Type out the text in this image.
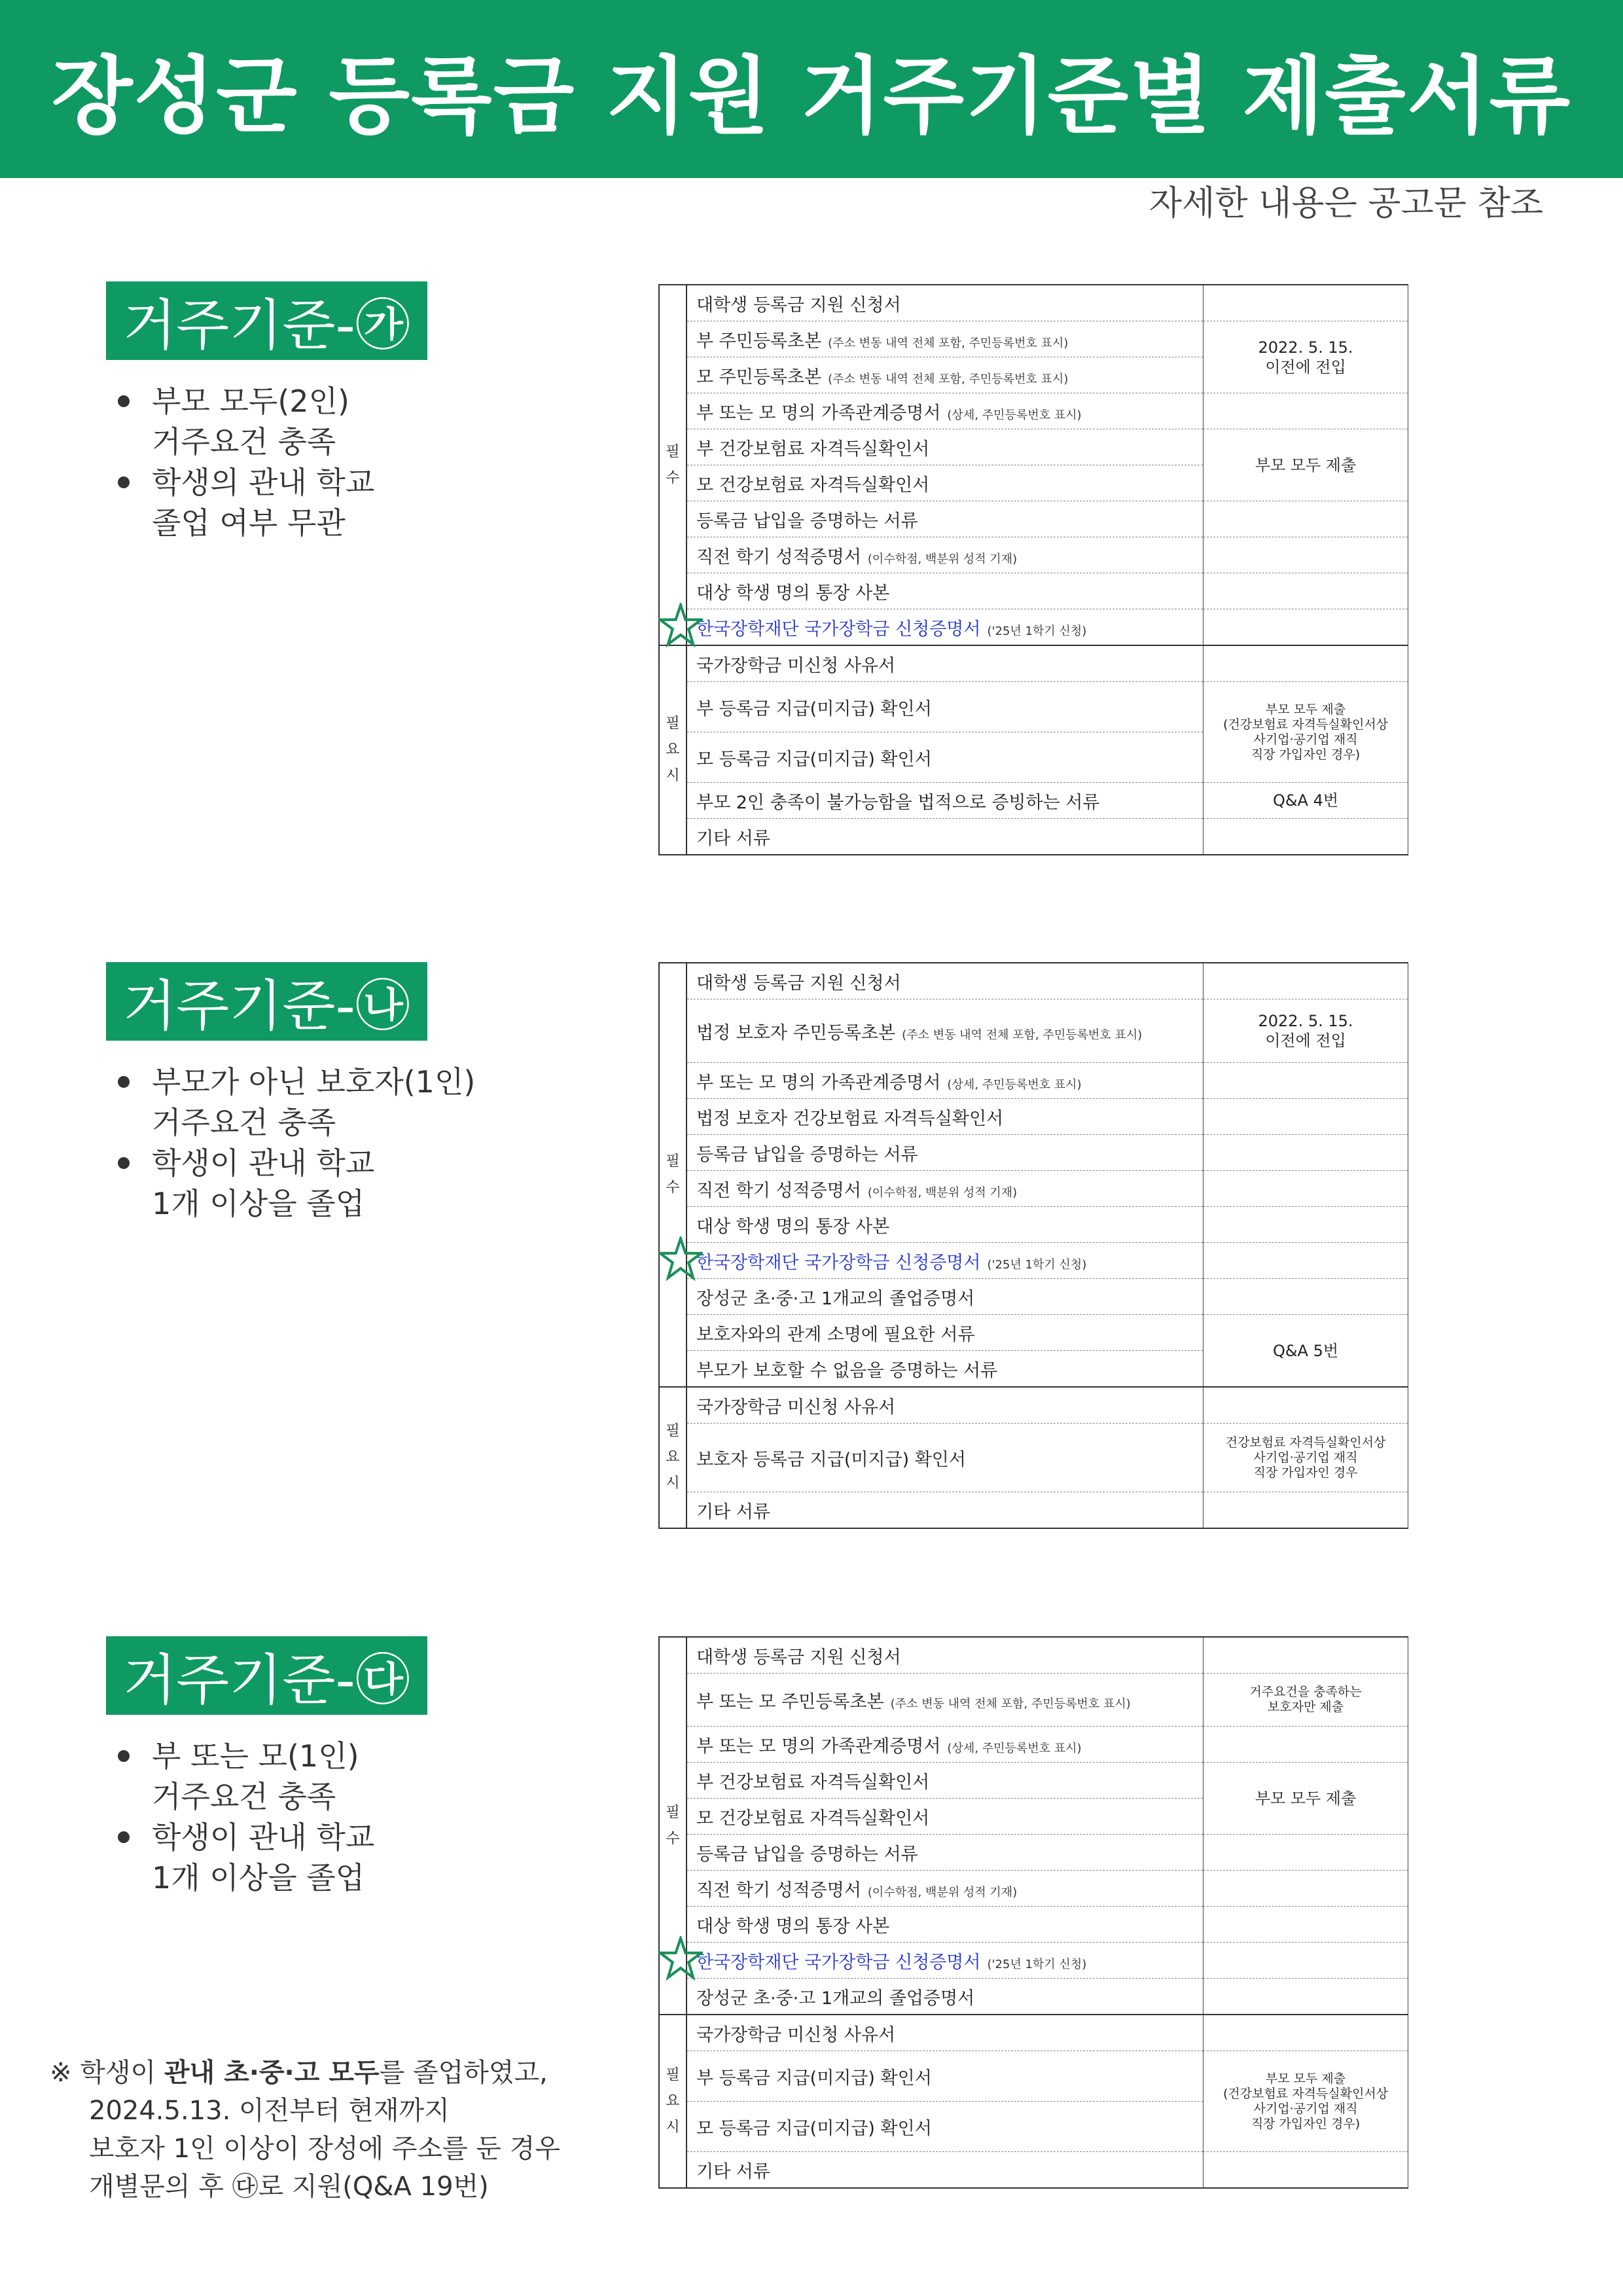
장성군 등록금 지원 거주기준별 제출서류
자세한 내용은 공고문 참조
거주기준-㉮
부모 모두(2인)
거주요건 충족
학생의 관내 학교
졸업 여부 무관
필
수	대학생 등록금 지원 신청서	
	부 주민등록초본 (주소 변동 내역 전체 포함, 주민등록번호 표시)	2022. 5. 15.
이전에 전입
	모 주민등록초본 (주소 변동 내역 전체 포함, 주민등록번호 표시)	
	부 또는 모 명의 가족관계증명서 (상세, 주민등록번호 표시)	
	부 건강보험료 자격득실확인서	부모 모두 제출
	모 건강보험료 자격득실확인서	
	등록금 납입을 증명하는 서류	
	직전 학기 성적증명서 (이수학점, 백분위 성적 기재)	
	대상 학생 명의 통장 사본	

한국장학재단 국가장학금 신청증명서 ('25년 1학기 신청)	
필
요
시	국가장학금 미신청 사유서	
	부 등록금 지급(미지급) 확인서	부모 모두 제출
(건강보험료 자격득실확인서상
사기업·공기업 재직
직장 가입자인 경우)
	모 등록금 지급(미지급) 확인서	
	부모 2인 충족이 불가능함을 법적으로 증빙하는 서류	Q&A 4번
	기타 서류	
거주기준-㉯
부모가 아닌 보호자(1인)
거주요건 충족
학생이 관내 학교
1개 이상을 졸업
필
수	대학생 등록금 지원 신청서	
	법정 보호자 주민등록초본 (주소 변동 내역 전체 포함, 주민등록번호 표시)	2022. 5. 15.
이전에 전입
	부 또는 모 명의 가족관계증명서 (상세, 주민등록번호 표시)	
	법정 보호자 건강보험료 자격득실확인서	
	등록금 납입을 증명하는 서류	
	직전 학기 성적증명서 (이수학점, 백분위 성적 기재)	
	대상 학생 명의 통장 사본	

한국장학재단 국가장학금 신청증명서 ('25년 1학기 신청)	
	장성군 초·중·고 1개교의 졸업증명서	
	보호자와의 관계 소명에 필요한 서류	Q&A 5번
	부모가 보호할 수 없음을 증명하는 서류	
필
요
시	국가장학금 미신청 사유서	
	보호자 등록금 지급(미지급) 확인서	건강보험료 자격득실확인서상
사기업·공기업 재직
직장 가입자인 경우
	기타 서류	
거주기준-㉰
부 또는 모(1인)
거주요건 충족
학생이 관내 학교
1개 이상을 졸업
필
수	대학생 등록금 지원 신청서	
	부 또는 모 주민등록초본 (주소 변동 내역 전체 포함, 주민등록번호 표시)	거주요건을 충족하는
보호자만 제출
	부 또는 모 명의 가족관계증명서 (상세, 주민등록번호 표시)	
	부 건강보험료 자격득실확인서	부모 모두 제출
	모 건강보험료 자격득실확인서	
	등록금 납입을 증명하는 서류	
	직전 학기 성적증명서 (이수학점, 백분위 성적 기재)	
	대상 학생 명의 통장 사본	

한국장학재단 국가장학금 신청증명서 ('25년 1학기 신청)	
	장성군 초·중·고 1개교의 졸업증명서	
필
요
시	국가장학금 미신청 사유서	
	부 등록금 지급(미지급) 확인서	부모 모두 제출
(건강보험료 자격득실확인서상
사기업·공기업 재직
직장 가입자인 경우)
	모 등록금 지급(미지급) 확인서	
	기타 서류	
※ 학생이 관내 초·중·고 모두를 졸업하였고,
2024.5.13. 이전부터 현재까지
보호자 1인 이상이 장성에 주소를 둔 경우
개별문의 후 ㉰로 지원(Q&A 19번)
